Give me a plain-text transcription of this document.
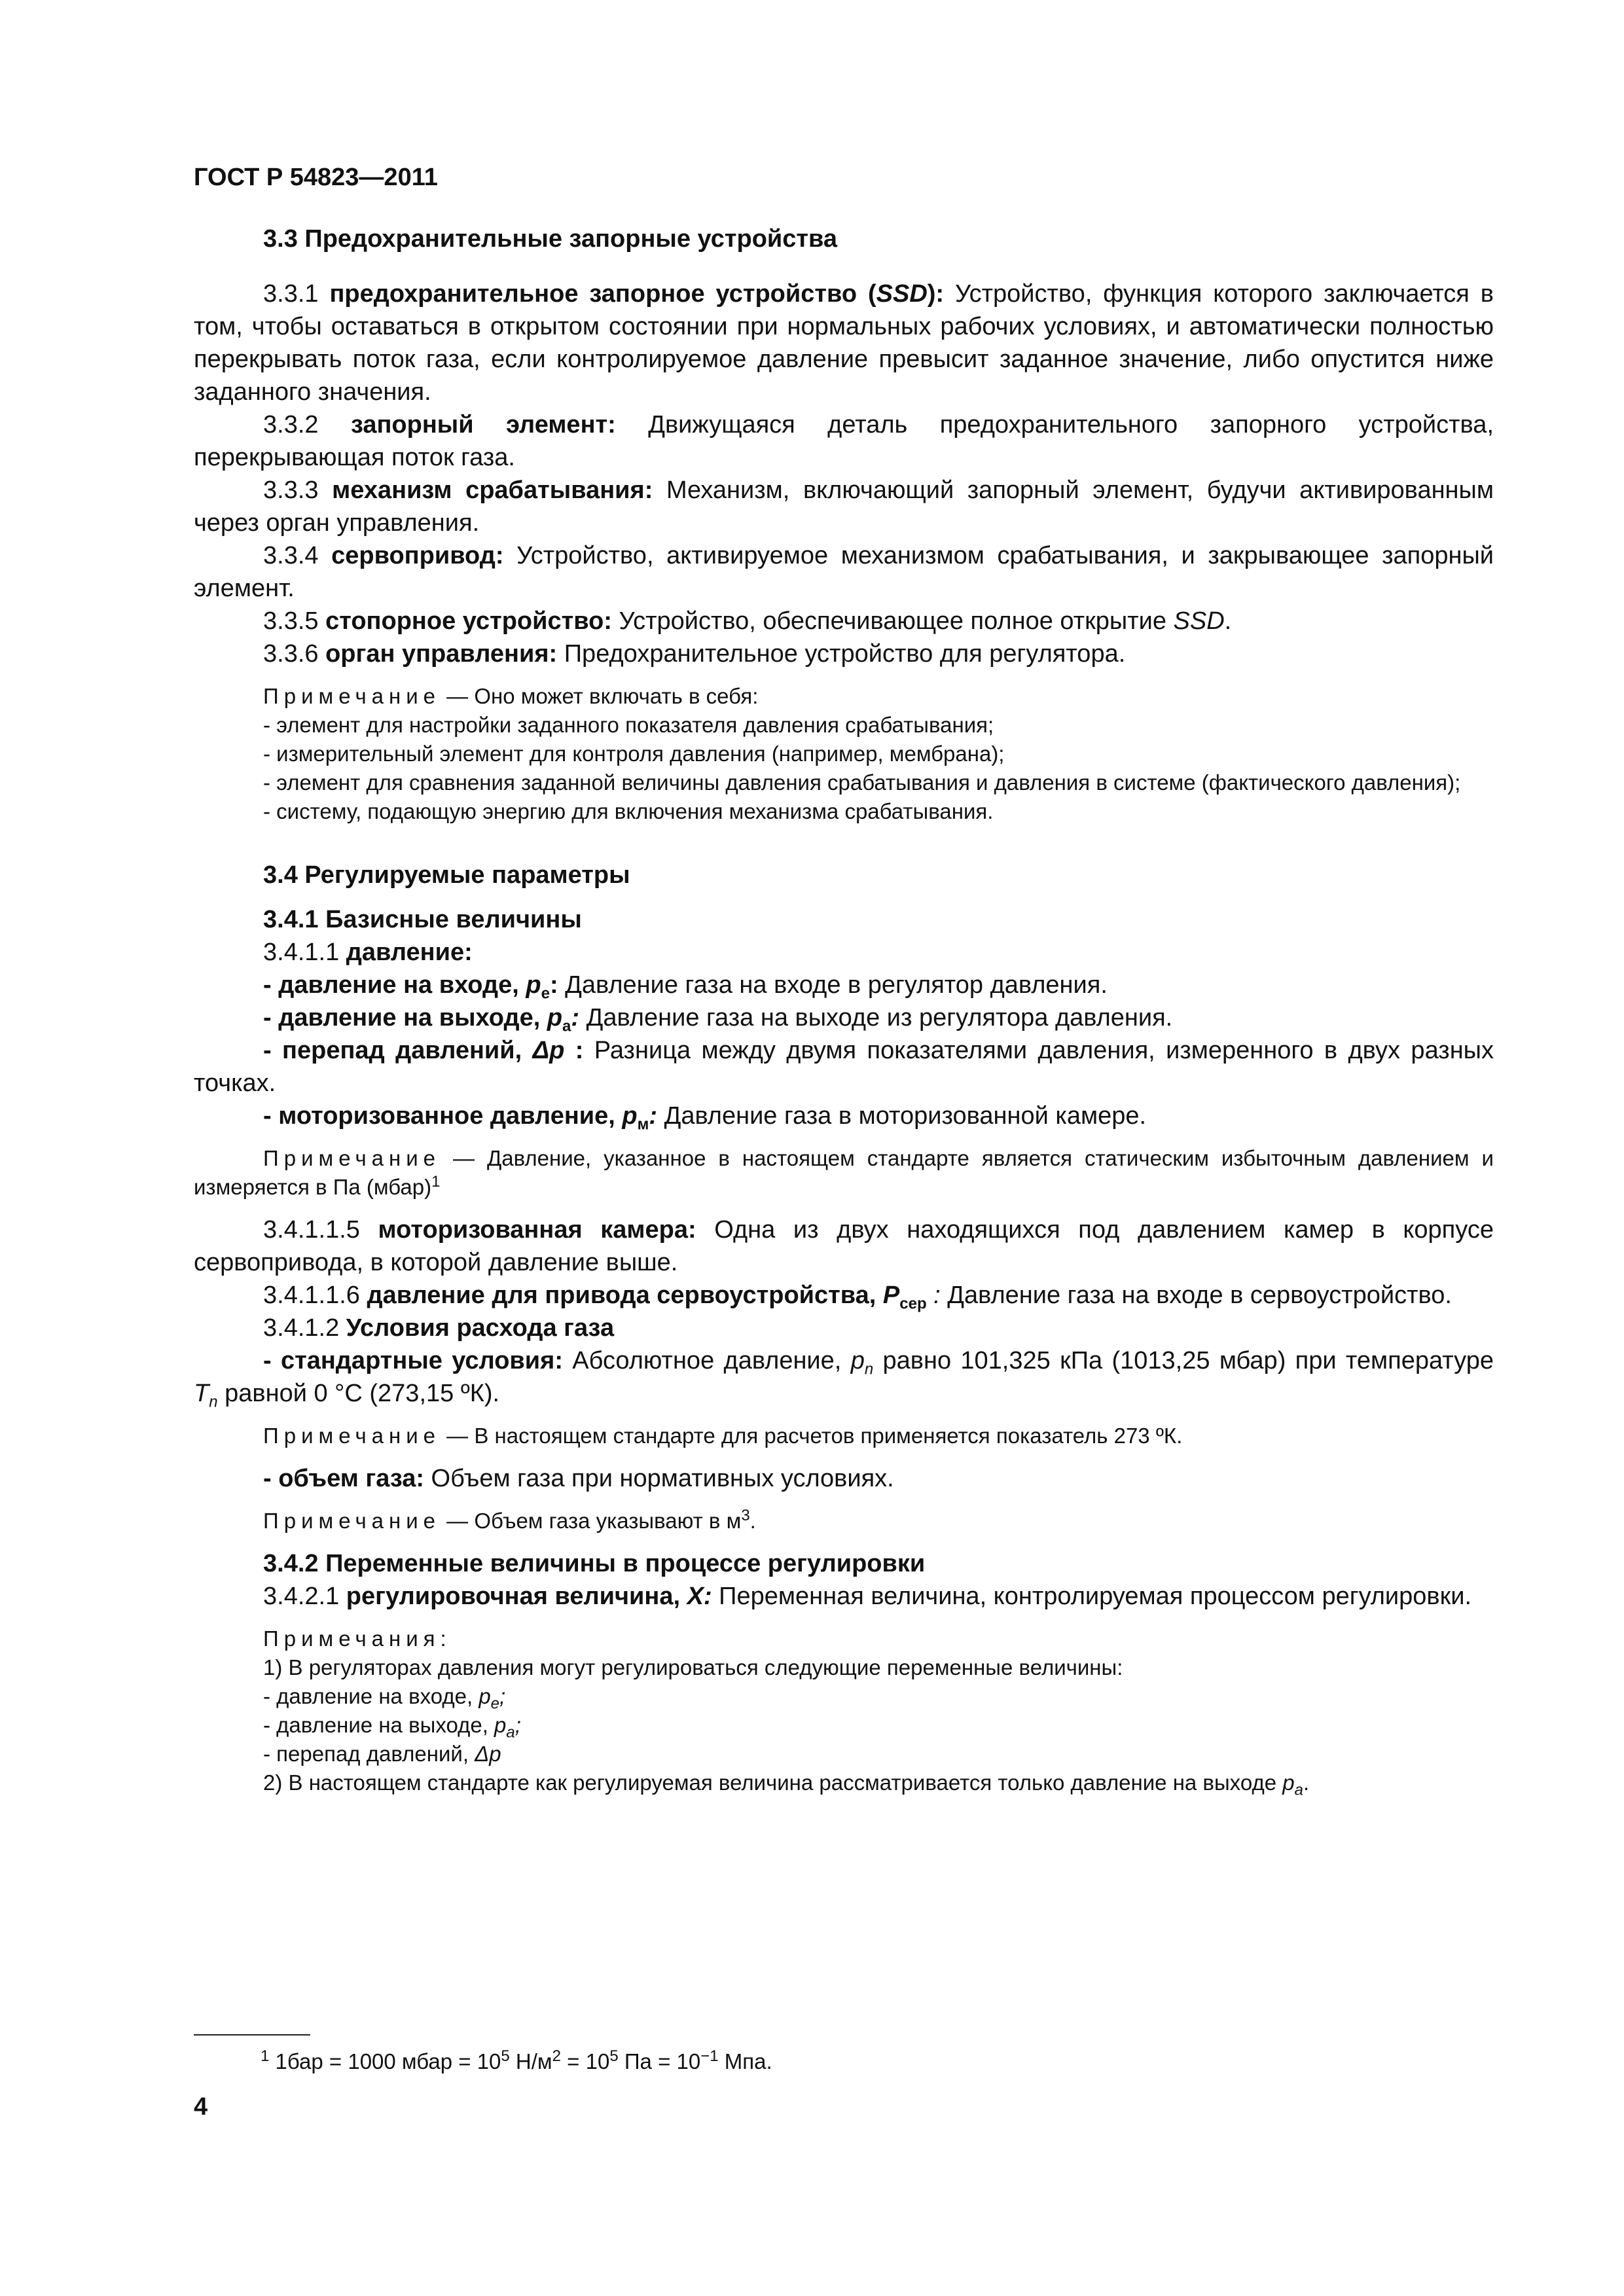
ГОСТ Р 54823—2011

3.3 Предохранительные запорные устройства

3.3.1 предохранительное запорное устройство (SSD): Устройство, функция которого заключается в том, чтобы оставаться в открытом состоянии при нормальных рабочих условиях, и автоматически полностью перекрывать поток газа, если контролируемое давление превысит заданное значение, либо опустится ниже заданного значения.

3.3.2 запорный элемент: Движущаяся деталь предохранительного запорного устройства, перекрывающая поток газа.

3.3.3 механизм срабатывания: Механизм, включающий запорный элемент, будучи активированным через орган управления.

3.3.4 сервопривод: Устройство, активируемое механизмом срабатывания, и закрывающее запорный элемент.

3.3.5 стопорное устройство: Устройство, обеспечивающее полное открытие SSD.

3.3.6 орган управления: Предохранительное устройство для регулятора.

Примечание — Оно может включать в себя:

- элемент для настройки заданного показателя давления срабатывания;

- измерительный элемент для контроля давления (например, мембрана);

- элемент для сравнения заданной величины давления срабатывания и давления в системе (фактического давления);

- систему, подающую энергию для включения механизма срабатывания.

3.4 Регулируемые параметры

3.4.1 Базисные величины

3.4.1.1 давление:

- давление на входе, $p_e$: Давление газа на входе в регулятор давления.

- давление на выходе, $p_a$: Давление газа на выходе из регулятора давления.

- перепад давлений, Δp : Разница между двумя показателями давления, измеренного в двух разных точках.

- моторизованное давление, $p_м$: Давление газа в моторизованной камере.

Примечание — Давление, указанное в настоящем стандарте является статическим избыточным давлением и измеряется в Па (мбар)$^1$

3.4.1.1.5 моторизованная камера: Одна из двух находящихся под давлением камер в корпусе сервопривода, в которой давление выше.

3.4.1.1.6 давление для привода сервоустройства, $P_{сер}$ : Давление газа на входе в сервоустройство.

3.4.1.2 Условия расхода газа

- стандартные условия: Абсолютное давление, $p_n$ равно 101,325 кПа (1013,25 мбар) при температуре $T_n$ равной 0 °С (273,15 ºК).

Примечание — В настоящем стандарте для расчетов применяется показатель 273 ºК.

- объем газа: Объем газа при нормативных условиях.

Примечание — Объем газа указывают в $м^3$.

3.4.2 Переменные величины в процессе регулировки

3.4.2.1 регулировочная величина, X: Переменная величина, контролируемая процессом регулировки.

Примечания:

1) В регуляторах давления могут регулироваться следующие переменные величины:

- давление на входе, $p_e$;

- давление на выходе, $p_a$;

- перепад давлений, Δp

2) В настоящем стандарте как регулируемая величина рассматривается только давление на выходе $p_a$.

$^1$ 1бар = 1000 мбар = $10^5$ $Н/м^2 = 10^5$ Па = $10^{-1}$ Мпа.
4
